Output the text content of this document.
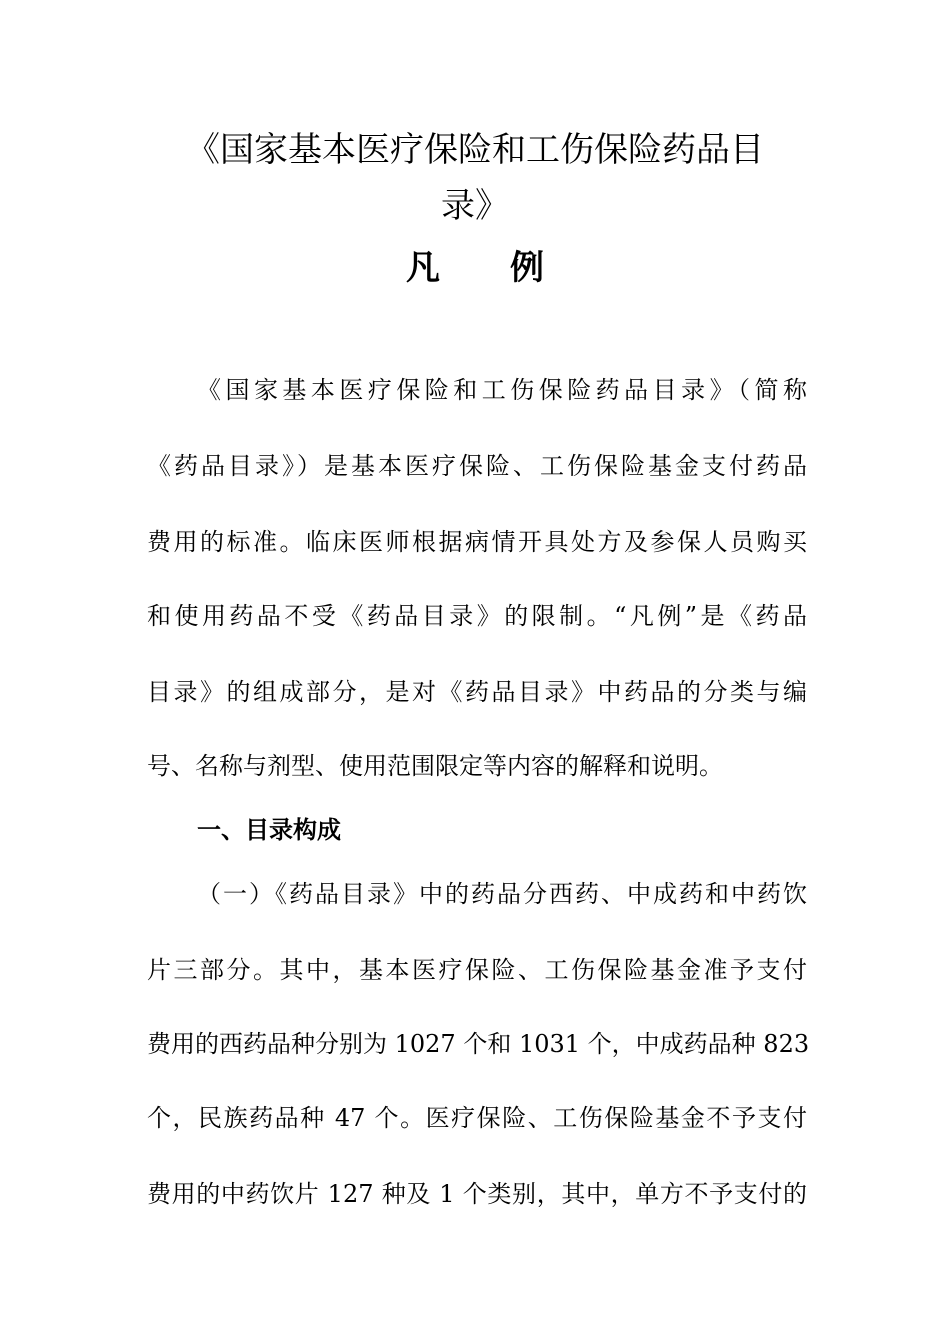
《国家基本医疗保险和工伤保险药品目
录》
凡 例

《国家基本医疗保险和工伤保险药品目录》（简称

《药品目录》）是基本医疗保险、工伤保险基金支付药品

费用的标准。临床医师根据病情开具处方及参保人员购买

和使用药品不受《药品目录》的限制。“凡例”是《药品

目录》的组成部分，是对《药品目录》中药品的分类与编

号、名称与剂型、使用范围限定等内容的解释和说明。

一、目录构成

（一）《药品目录》中的药品分西药、中成药和中药饮

片三部分。其中，基本医疗保险、工伤保险基金准予支付

费用的西药品种分别为 1027 个和 1031 个，中成药品种 823

个，民族药品种 47 个。医疗保险、工伤保险基金不予支付

费用的中药饮片 127 种及 1 个类别，其中，单方不予支付的
